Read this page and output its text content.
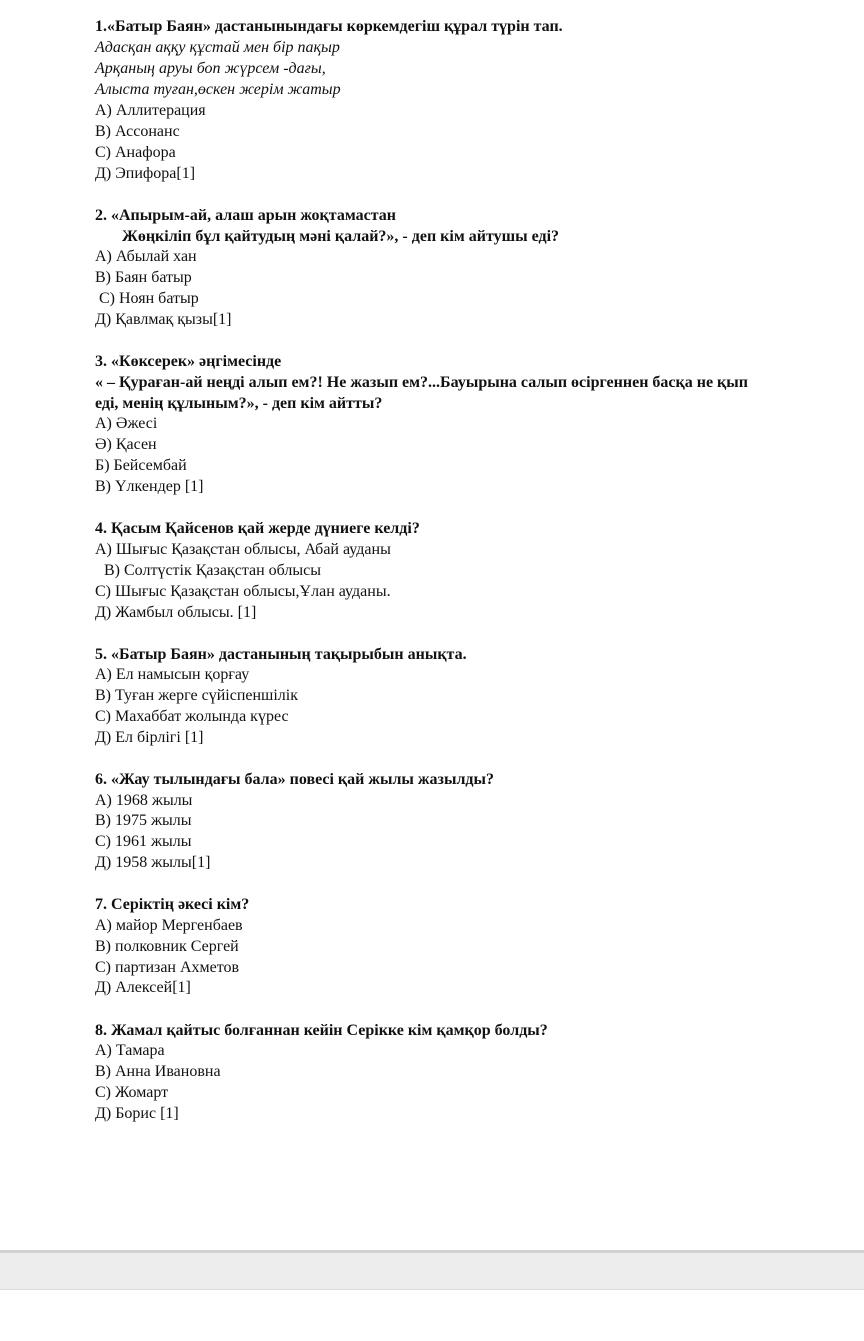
1.«Батыр Баян» дастанынындағы көркемдегіш құрал түрін тап.
Адасқан аққу құстай мен бір пақыр
Арқаның аруы боп жүрсем -дағы,
Алыста туған,өскен жерім жатыр
А) Аллитерация
В) Ассонанс
С) Анафора
Д) Эпифора[1]
2. «Апырым-ай, алаш арын жоқтамастан
Жөңкіліп бұл қайтудың мәні қалай?», - деп кім айтушы еді?
А) Абылай хан
В) Баян батыр
С) Ноян батыр
Д) Қавлмақ қызы[1]
3. «Көксерек» әңгімесінде
« – Қураған-ай неңді алып ем?! Не жазып ем?...Бауырына салып өсіргеннен басқа не қып
еді, менің құлыным?», - деп кім айтты?
А) Әжесі
Ә) Қасен
Б) Бейсембай
В) Үлкендер [1]
4. Қасым Қайсенов қай жерде дүниеге келді?
А) Шығыс Қазақстан облысы, Абай ауданы
В) Солтүстік Қазақстан облысы
С) Шығыс Қазақстан облысы,Ұлан ауданы.
Д) Жамбыл облысы. [1]
5. «Батыр Баян» дастанының тақырыбын анықта.
А) Ел намысын қорғау
В) Туған жерге сүйіспеншілік
С) Махаббат жолында күрес
Д) Ел бірлігі [1]
6. «Жау тылындағы бала» повесі қай жылы жазылды?
А) 1968 жылы
В) 1975 жылы
С) 1961 жылы
Д) 1958 жылы[1]
7. Серіктің әкесі кім?
А) майор Мергенбаев
В) полковник Сергей
С) партизан Ахметов
Д) Алексей[1]
8. Жамал қайтыс болғаннан кейін Серікке кім қамқор болды?
А) Тамара
В) Анна Ивановна
С) Жомарт
Д) Борис [1]
